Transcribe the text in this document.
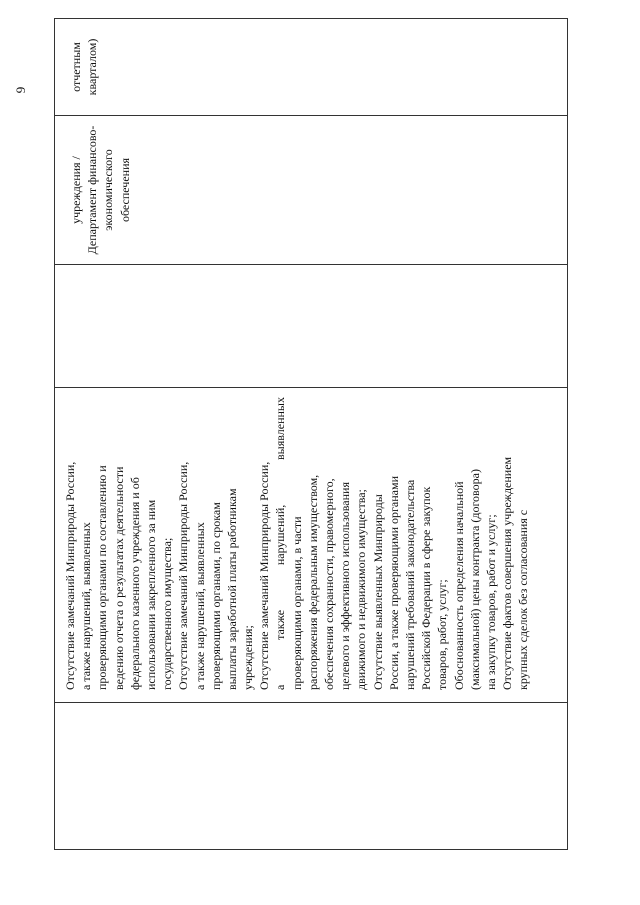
9
Отсутствие замечаний Минприроды России, а также нарушений, выявленных проверяющими органами по составлению и ведению отчета о результатах деятельности федерального казенного учреждения и об использовании закрепленного за ним государственного имущества; Отсутствие замечаний Минприроды России, а также нарушений, выявленных проверяющими органами, по срокам выплаты заработной платы работникам учреждения; Отсутствие замечаний Минприроды России, а
также
нарушений,
выявленных
проверяющими органами, в части распоряжения федеральным имуществом, обеспечения сохранности, правомерного, целевого и эффективного использования движимого и недвижимого имущества; Отсутствие выявленных Минприроды России, а также проверяющими органами нарушений требований законодательства Российской Федерации в сфере закупок товаров, работ, услуг; Обоснованность определения начальной (максимальной) цены контракта (договора) на закупку товаров, работ и услуг; Отсутствие фактов совершения учреждением крупных сделок без согласования с
учреждения / Департамент финансово-экономического обеспечения
отчетным кварталом)
